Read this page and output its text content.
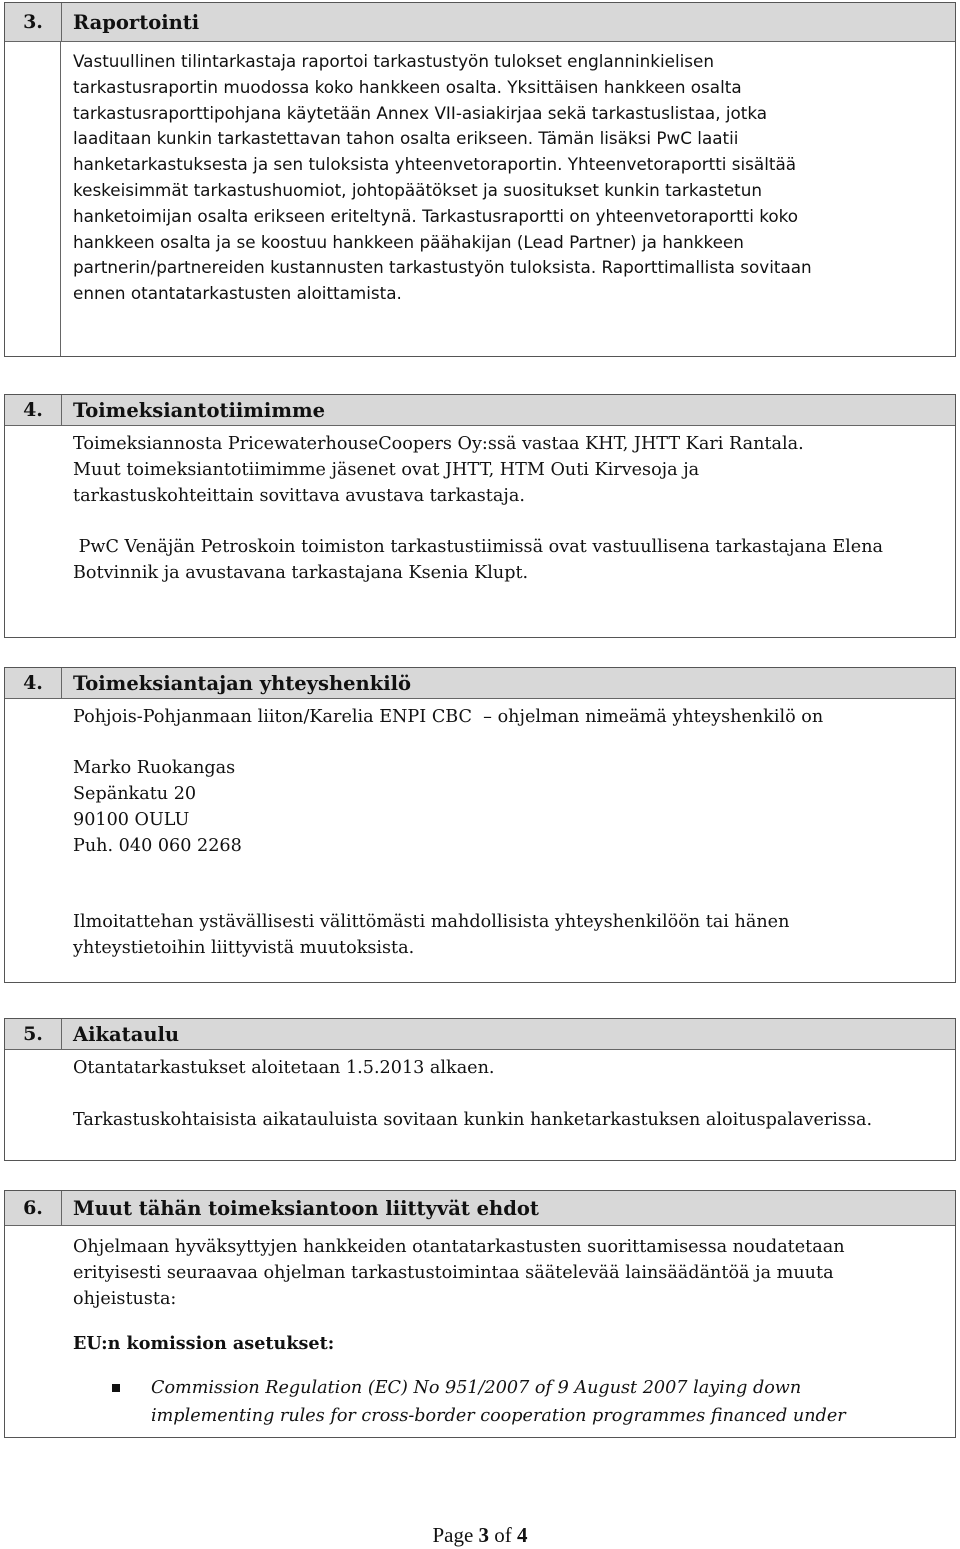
3.	Raportointi
Vastuullinen tilintarkastaja raportoi tarkastustyön tulokset englanninkielisen
tarkastusraportin muodossa koko hankkeen osalta. Yksittäisen hankkeen osalta
tarkastusraporttipohjana käytetään Annex VII-asiakirjaa sekä tarkastuslistaa, jotka
laaditaan kunkin tarkastettavan tahon osalta erikseen. Tämän lisäksi PwC laatii
hanketarkastuksesta ja sen tuloksista yhteenvetoraportin. Yhteenvetoraportti sisältää
keskeisimmät tarkastushuomiot, johtopäätökset ja suositukset kunkin tarkastetun
hanketoimijan osalta erikseen eriteltynä. Tarkastusraportti on yhteenvetoraportti koko
hankkeen osalta ja se koostuu hankkeen päähakijan (Lead Partner) ja hankkeen
partnerin/partnereiden kustannusten tarkastustyön tuloksista. Raporttimallista sovitaan
ennen otantatarkastusten aloittamista.
4.	Toimeksiantotiimimme
Toimeksiannosta PricewaterhouseCoopers Oy:ssä vastaa KHT, JHTT Kari Rantala.
Muut toimeksiantotiimimme jäsenet ovat JHTT, HTM Outi Kirvesoja ja
tarkastuskohteittain sovittava avustava tarkastaja.
PwC Venäjän Petroskoin toimiston tarkastustiimissä ovat vastuullisena tarkastajana Elena
Botvinnik ja avustavana tarkastajana Ksenia Klupt.
4.	Toimeksiantajan yhteyshenkilö
Pohjois-Pohjanmaan liiton/Karelia ENPI CBC  – ohjelman nimeämä yhteyshenkilö on
Marko Ruokangas
Sepänkatu 20
90100 OULU
Puh. 040 060 2268
Ilmoitattehan ystävällisesti välittömästi mahdollisista yhteyshenkilöön tai hänen
yhteystietoihin liittyvistä muutoksista.
5.	Aikataulu
Otantatarkastukset aloitetaan 1.5.2013 alkaen.
Tarkastuskohtaisista aikatauluista sovitaan kunkin hanketarkastuksen aloituspalaverissa.
6.	Muut tähän toimeksiantoon liittyvät ehdot
Ohjelmaan hyväksyttyjen hankkeiden otantatarkastusten suorittamisessa noudatetaan
erityisesti seuraavaa ohjelman tarkastustoimintaa säätelevää lainsäädäntöä ja muuta
ohjeistusta:
EU:n komission asetukset:
Commission Regulation (EC) No 951/2007 of 9 August 2007 laying down
implementing rules for cross-border cooperation programmes financed under
Page 3 of 4
